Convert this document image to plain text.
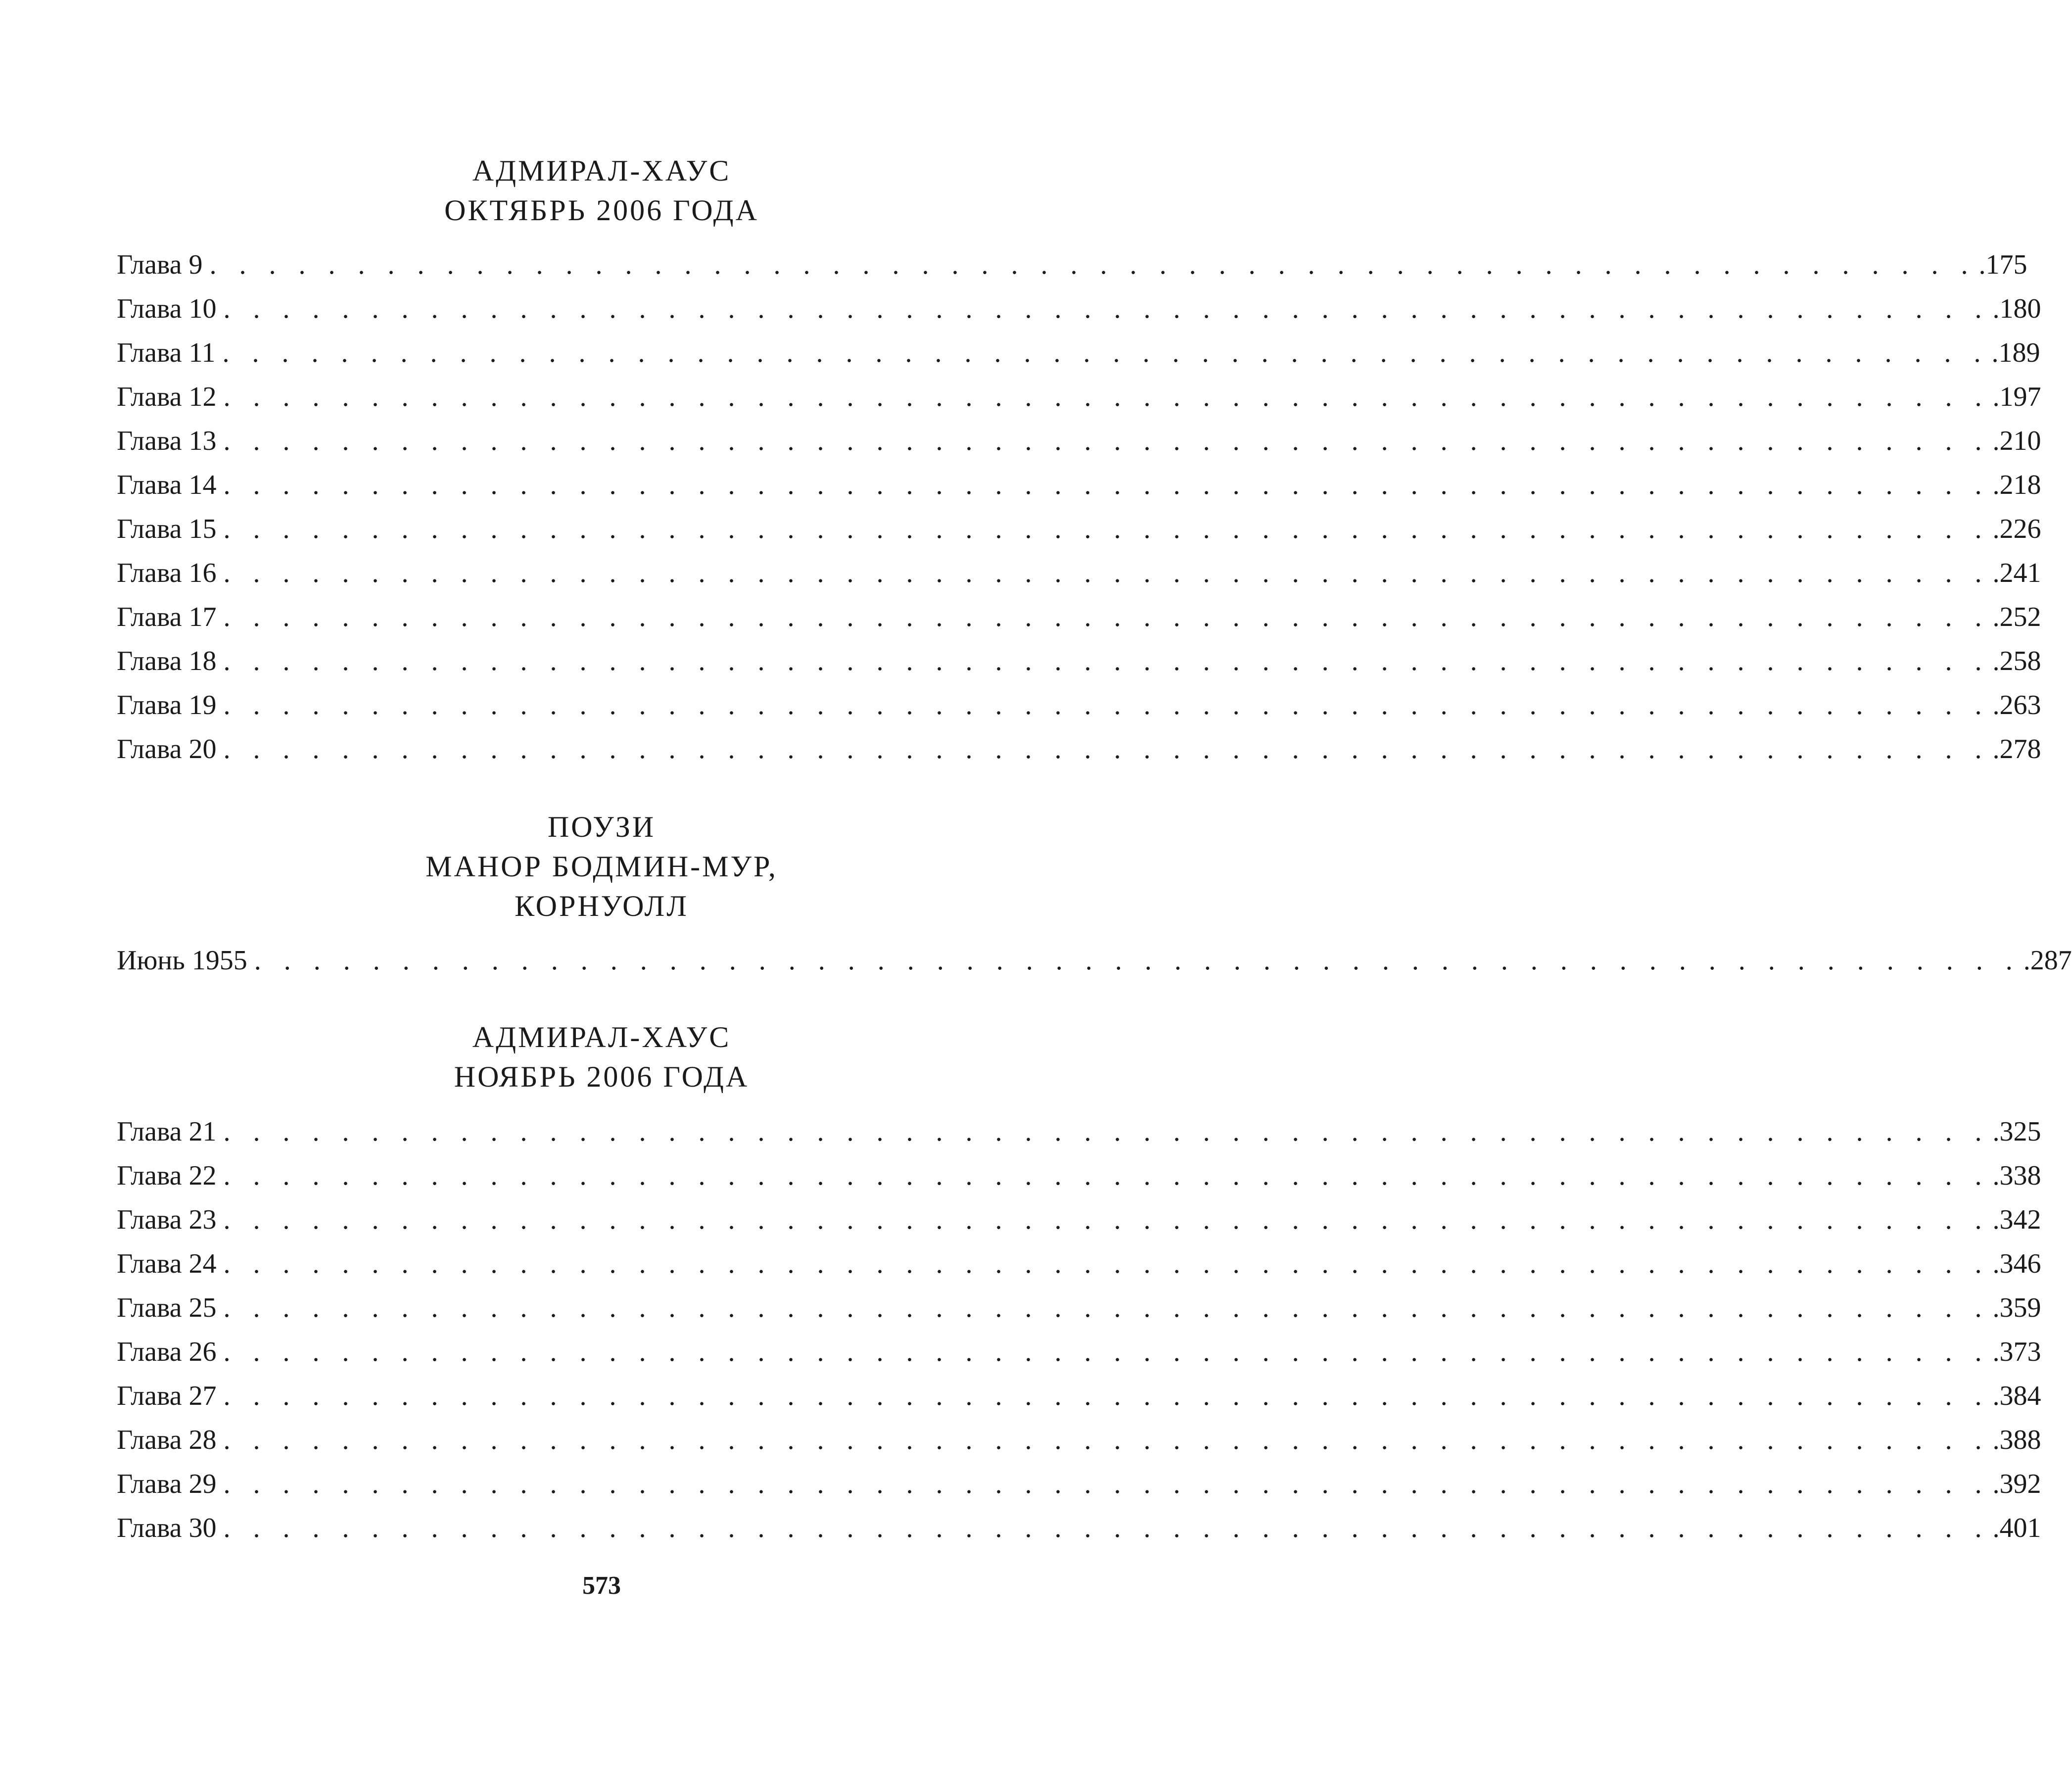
АДМИРАЛ-ХАУС

ОКТЯБРЬ 2006 ГОДА

Глава 9 . . . . . . . . . . . . . . . . . . . . . . . . . . . . . . . . . . . . . . . . . . . . . . . . . . . . . . . . . . . . .175
Глава 10 . . . . . . . . . . . . . . . . . . . . . . . . . . . . . . . . . . . . . . . . . . . . . . . . . . . . . . . . . . . . .180
Глава 11 . . . . . . . . . . . . . . . . . . . . . . . . . . . . . . . . . . . . . . . . . . . . . . . . . . . . . . . . . . . . .189
Глава 12 . . . . . . . . . . . . . . . . . . . . . . . . . . . . . . . . . . . . . . . . . . . . . . . . . . . . . . . . . . . . .197
Глава 13 . . . . . . . . . . . . . . . . . . . . . . . . . . . . . . . . . . . . . . . . . . . . . . . . . . . . . . . . . . . . .210
Глава 14 . . . . . . . . . . . . . . . . . . . . . . . . . . . . . . . . . . . . . . . . . . . . . . . . . . . . . . . . . . . . .218
Глава 15 . . . . . . . . . . . . . . . . . . . . . . . . . . . . . . . . . . . . . . . . . . . . . . . . . . . . . . . . . . . . .226
Глава 16 . . . . . . . . . . . . . . . . . . . . . . . . . . . . . . . . . . . . . . . . . . . . . . . . . . . . . . . . . . . . .241
Глава 17 . . . . . . . . . . . . . . . . . . . . . . . . . . . . . . . . . . . . . . . . . . . . . . . . . . . . . . . . . . . . .252
Глава 18 . . . . . . . . . . . . . . . . . . . . . . . . . . . . . . . . . . . . . . . . . . . . . . . . . . . . . . . . . . . . .258
Глава 19 . . . . . . . . . . . . . . . . . . . . . . . . . . . . . . . . . . . . . . . . . . . . . . . . . . . . . . . . . . . . .263
Глава 20 . . . . . . . . . . . . . . . . . . . . . . . . . . . . . . . . . . . . . . . . . . . . . . . . . . . . . . . . . . . . .278

ПОУЗИ

МАНОР БОДМИН-МУР,

КОРНУОЛЛ

Июнь 1955 . . . . . . . . . . . . . . . . . . . . . . . . . . . . . . . . . . . . . . . . . . . . . . . . . . . . . . . . . . . . .287

АДМИРАЛ-ХАУС

НОЯБРЬ 2006 ГОДА

Глава 21 . . . . . . . . . . . . . . . . . . . . . . . . . . . . . . . . . . . . . . . . . . . . . . . . . . . . . . . . . . . . .325
Глава 22 . . . . . . . . . . . . . . . . . . . . . . . . . . . . . . . . . . . . . . . . . . . . . . . . . . . . . . . . . . . . .338
Глава 23 . . . . . . . . . . . . . . . . . . . . . . . . . . . . . . . . . . . . . . . . . . . . . . . . . . . . . . . . . . . . .342
Глава 24 . . . . . . . . . . . . . . . . . . . . . . . . . . . . . . . . . . . . . . . . . . . . . . . . . . . . . . . . . . . . .346
Глава 25 . . . . . . . . . . . . . . . . . . . . . . . . . . . . . . . . . . . . . . . . . . . . . . . . . . . . . . . . . . . . .359
Глава 26 . . . . . . . . . . . . . . . . . . . . . . . . . . . . . . . . . . . . . . . . . . . . . . . . . . . . . . . . . . . . .373
Глава 27 . . . . . . . . . . . . . . . . . . . . . . . . . . . . . . . . . . . . . . . . . . . . . . . . . . . . . . . . . . . . .384
Глава 28 . . . . . . . . . . . . . . . . . . . . . . . . . . . . . . . . . . . . . . . . . . . . . . . . . . . . . . . . . . . . .388
Глава 29 . . . . . . . . . . . . . . . . . . . . . . . . . . . . . . . . . . . . . . . . . . . . . . . . . . . . . . . . . . . . .392
Глава 30 . . . . . . . . . . . . . . . . . . . . . . . . . . . . . . . . . . . . . . . . . . . . . . . . . . . . . . . . . . . . .401
573
